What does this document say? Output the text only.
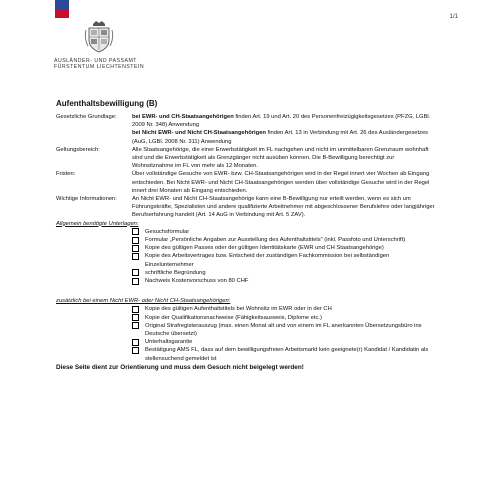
1/1
AUSLÄNDER- UND PASSAMT
FÜRSTENTUM LIECHTENSTEIN
Aufenthaltsbewilligung (B)
Gesetzliche Grundlage:	bei EWR- und CH-Staatsangehörigen finden Art. 19 und Art. 20 des Personenfreizügigkeitsgesetzes (PFZG, LGBl. 2009 Nr. 348) Anwendung

bei Nicht EWR- und Nicht CH-Staatsangehörigen finden Art. 13 in Verbindung mit Art. 26 des Ausländergesetzes (AuG, LGBl. 2008 Nr. 311) Anwendung

Geltungsbereich:	Alle Staatsangehörige, die einer Erwerbstätigkeit im FL nachgehen und nicht im unmittelbaren Grenzraum wohnhaft sind und die Erwerbstätigkeit als Grenzgänger nicht ausüben können. Die B-Bewilligung berechtigt zur Wohnsitznahme im FL von mehr als 12 Monaten.

Fristen:	Über vollständige Gesuche von EWR- bzw. CH-Staatsangehörigen wird in der Regel innert vier Wochen ab Eingang entschieden. Bei Nicht EWR- und Nicht CH-Staatsangehörigen werden über vollständige Gesuche wird in der Regel innert drei Monaten ab Eingang entschieden.

Wichtige Informationen:	An Nicht EWR- und Nicht CH-Staatsangehörige kann eine B-Bewilligung nur erteilt werden, wenn es sich um Führungskräfte, Spezialisten und andere qualifizierte Arbeitnehmer mit abgeschlossener Berufslehre oder langjähriger Berufserfahrung handelt (Art. 14 AuG in Verbindung mit Art. 5 ZAV).

Allgemein benötigte Unterlagen:
Gesuchsformular
Formular „Persönliche Angaben zur Ausstellung des Aufenthaltstitels" (inkl. Passfoto und Unterschrift)
Kopie des gültigen Passes oder der gültigen Identitätskarte (EWR und CH Staatsangehörige)
Kopie des Arbeitsvertrages bzw. Entscheid der zuständigen Fachkommission bei selbständigen Einzelunternehmer
schriftliche Begründung
Nachweis Kostenvorschuss von 80 CHF
zusätzlich bei einem Nicht EWR- oder Nicht CH-Staatsangehörigen:
Kopie des gültigen Aufenthaltstitels bei Wohnsitz im EWR oder in der CH
Kopie der Qualifikationsnachweise (Fähigkeitsausweis, Diplome etc.)
Original Strafregisterauszug (max. einen Monat alt und von einem im FL anerkannten Übersetzungsbüro ins Deutsche übersetzt)
Unterhaltsgarantie
Bestätigung AMS FL, dass auf dem bewilligungsfreien Arbeitsmarkt kein geeignete(r) Kandidat / Kandidatin als stellensuchend gemeldet ist
Diese Seite dient zur Orientierung und muss dem Gesuch nicht beigelegt werden!
